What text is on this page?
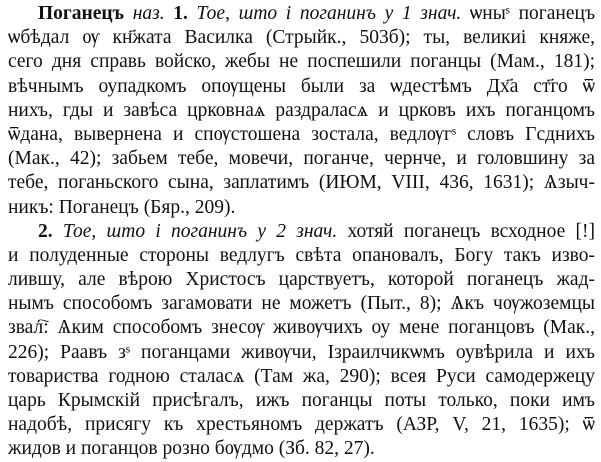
Поганецъ наз. 1. Тое, што і поганинъ у 1 знач. ѡныˢ поганецъ
ѡбѣдал ѹ кн҃жата Василка (Стрыйк., 503б); ты, великиі княже,
сего дня справь войско, жебы не поспешили поганцы (Мам., 181);
вѣчнымъ оупадкомъ опѹщены были за ѡдестѣмъ Дх҃а ст҃го ѿ
нихъ, гды и завѣса црковнаѧ раздраласѧ и црковъ ихъ поганцомъ
ѿдана, вывернена и спѹстошена зостала, ведлѹгˢ словъ Гсднихъ
(Мак., 42); забьем тебе, мовечи, поганче, чернче, и головшину за
тебе, поганьского сына, заплатимъ (ИЮМ, VIII, 436, 1631); Ѧзыч-
никъ: Поганецъ (Бяр., 209).
2. Тое, што і поганинъ у 2 знач. хотяй поганецъ всходное [!]
и полуденные стороны ведлугъ свѣта опановалъ, Богу такъ изво-
лившу, але вѣрою Христосъ царствуетъ, которой поганецъ жад-
нымъ способомъ загамовати не можетъ (Пыт., 8); Ѧкъ чѹжоземцы
звал҇: Ѧким способомъ знесѹ живѹчихъ оу мене поганцовъ (Мак.,
226); Раавъ зˢ поганцами живѹчи, Ізраилчикѡмъ оувѣрила и ихъ
товариства годною сталасѧ (Там жа, 290); всея Руси самодержецу
царь Крымскій присѣгалъ, ижъ поганцы поты только, поки имъ
надобѣ, присягу къ хрестьяномъ держатъ (АЗР, V, 21, 1635); ѿ
жидов и поганцов розно бѹдмо (Зб. 82, 27).
